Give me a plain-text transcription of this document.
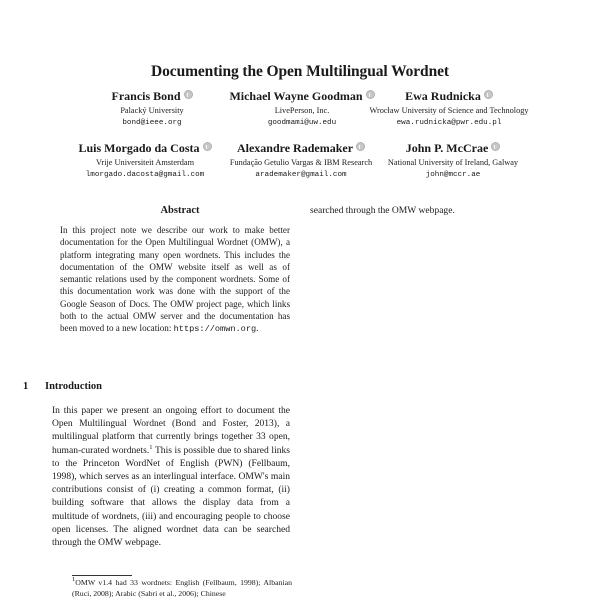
Documenting the Open Multilingual Wordnet
Francis Bond
Palacký University
bond@ieee.org
Michael Wayne Goodman
LivePerson, Inc.
goodmami@uw.edu
Ewa Rudnicka
Wrocław University of Science and Technology
ewa.rudnicka@pwr.edu.pl
Luis Morgado da Costa
Vrije Universiteit Amsterdam
lmorgado.dacosta@gmail.com
Alexandre Rademaker
Fundação Getulio Vargas & IBM Research
arademaker@gmail.com
John P. McCrae
National University of Ireland, Galway
john@mccr.ae
Abstract

In this project note we describe our work to make better documentation for the Open Multilingual Wordnet (OMW), a platform integrating many open wordnets. This includes the documentation of the OMW website itself as well as of semantic relations used by the component wordnets. Some of this documentation work was done with the support of the Google Season of Docs. The OMW project page, which links both to the actual OMW server and the documentation has been moved to a new location: https://omwn.org.

1 Introduction

In this paper we present an ongoing effort to document the Open Multilingual Wordnet (Bond and Foster, 2013), a multilingual platform that currently brings together 33 open, human-curated wordnets.$^1$ This is possible due to shared links to the Princeton WordNet of English (PWN) (Fellbaum, 1998), which serves as an interlingual interface. OMW's main contributions consist of (i) creating a common format, (ii) building software that allows the display data from a multitude of wordnets, (iii) and encouraging people to choose open licenses. The aligned wordnet data can be searched through the OMW webpage.

searched through the OMW webpage.

$^1$OMW v1.4 had 33 wordnets: English (Fellbaum, 1998); Albanian (Ruci, 2008); Arabic (Sabri et al., 2006); Chinese
